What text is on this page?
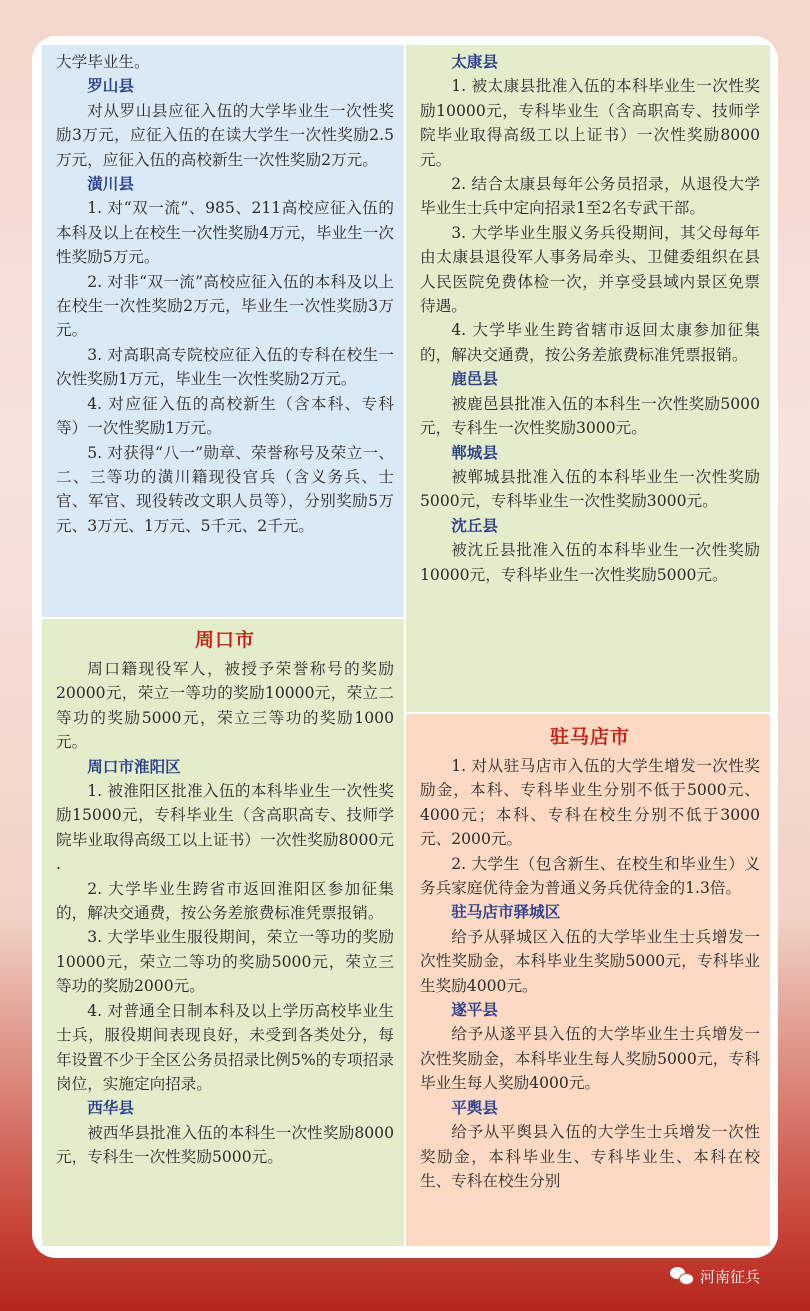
大学毕业生。

罗山县

对从罗山县应征入伍的大学毕业生一次性奖励3万元，应征入伍的在读大学生一次性奖励2.5万元，应征入伍的高校新生一次性奖励2万元。

潢川县

1. 对“双一流”、985、211高校应征入伍的本科及以上在校生一次性奖励4万元，毕业生一次性奖励5万元。

2. 对非“双一流”高校应征入伍的本科及以上在校生一次性奖励2万元，毕业生一次性奖励3万元。

3. 对高职高专院校应征入伍的专科在校生一次性奖励1万元，毕业生一次性奖励2万元。

4. 对应征入伍的高校新生（含本科、专科等）一次性奖励1万元。

5. 对获得“八一”勋章、荣誉称号及荣立一、二、三等功的潢川籍现役官兵（含义务兵、士官、军官、现役转改文职人员等），分别奖励5万元、3万元、1万元、5千元、2千元。

周口市

周口籍现役军人，被授予荣誉称号的奖励20000元，荣立一等功的奖励10000元，荣立二等功的奖励5000元，荣立三等功的奖励1000元。

周口市淮阳区

1. 被淮阳区批准入伍的本科毕业生一次性奖励15000元，专科毕业生（含高职高专、技师学院毕业取得高级工以上证书）一次性奖励8000元 .

2. 大学毕业生跨省市返回淮阳区参加征集的，解决交通费，按公务差旅费标准凭票报销。

3. 大学毕业生服役期间，荣立一等功的奖励10000元，荣立二等功的奖励5000元，荣立三等功的奖励2000元。

4. 对普通全日制本科及以上学历高校毕业生士兵，服役期间表现良好，未受到各类处分，每年设置不少于全区公务员招录比例5%的专项招录岗位，实施定向招录。

西华县

被西华县批准入伍的本科生一次性奖励8000元，专科生一次性奖励5000元。

太康县

1. 被太康县批准入伍的本科毕业生一次性奖励10000元，专科毕业生（含高职高专、技师学院毕业取得高级工以上证书）一次性奖励8000元。

2. 结合太康县每年公务员招录，从退役大学毕业生士兵中定向招录1至2名专武干部。

3. 大学毕业生服义务兵役期间，其父母每年由太康县退役军人事务局牵头、卫健委组织在县人民医院免费体检一次，并享受县域内景区免票待遇。

4. 大学毕业生跨省辖市返回太康参加征集的，解决交通费，按公务差旅费标准凭票报销。

鹿邑县

被鹿邑县批准入伍的本科生一次性奖励5000元，专科生一次性奖励3000元。

郸城县

被郸城县批准入伍的本科毕业生一次性奖励5000元，专科毕业生一次性奖励3000元。

沈丘县

被沈丘县批准入伍的本科毕业生一次性奖励10000元，专科毕业生一次性奖励5000元。

驻马店市

1. 对从驻马店市入伍的大学生增发一次性奖励金，本科、专科毕业生分别不低于5000元、4000元；本科、专科在校生分别不低于3000元、2000元。

2. 大学生（包含新生、在校生和毕业生）义务兵家庭优待金为普通义务兵优待金的1.3倍。

驻马店市驿城区

给予从驿城区入伍的大学毕业生士兵增发一次性奖励金，本科毕业生奖励5000元，专科毕业生奖励4000元。

遂平县

给予从遂平县入伍的大学毕业生士兵增发一次性奖励金，本科毕业生每人奖励5000元，专科毕业生每人奖励4000元。

平舆县

给予从平舆县入伍的大学生士兵增发一次性奖励金，本科毕业生、专科毕业生、本科在校生、专科在校生分别

河南征兵
